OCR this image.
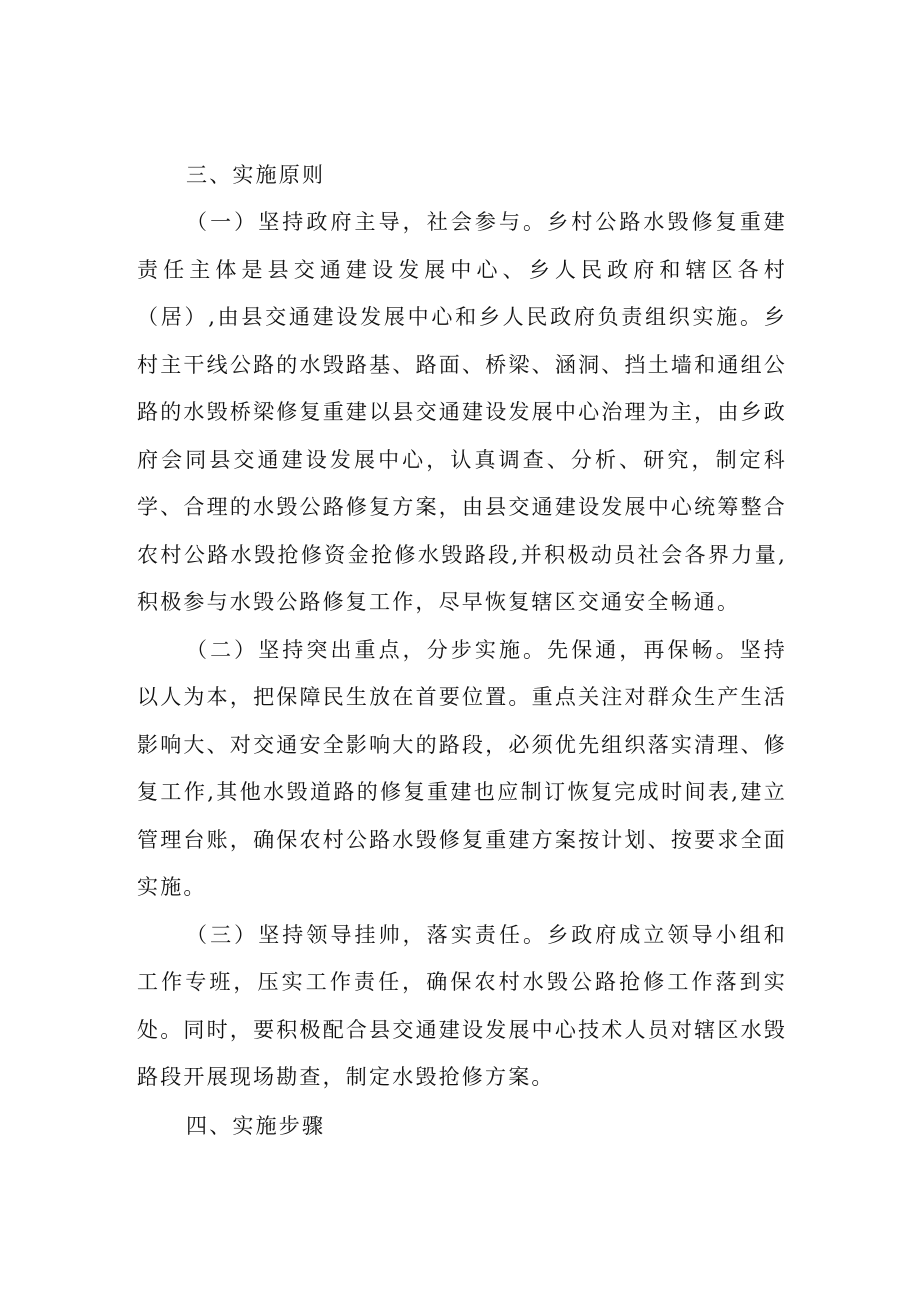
三、实施原则

（一）坚持政府主导，社会参与。乡村公路水毁修复重建责任主体是县交通建设发展中心、乡人民政府和辖区各村（居）,由县交通建设发展中心和乡人民政府负责组织实施。乡村主干线公路的水毁路基、路面、桥梁、涵洞、挡土墙和通组公路的水毁桥梁修复重建以县交通建设发展中心治理为主，由乡政府会同县交通建设发展中心，认真调查、分析、研究，制定科学、合理的水毁公路修复方案，由县交通建设发展中心统筹整合农村公路水毁抢修资金抢修水毁路段,并积极动员社会各界力量,积极参与水毁公路修复工作，尽早恢复辖区交通安全畅通。

（二）坚持突出重点，分步实施。先保通，再保畅。坚持以人为本，把保障民生放在首要位置。重点关注对群众生产生活影响大、对交通安全影响大的路段，必须优先组织落实清理、修复工作,其他水毁道路的修复重建也应制订恢复完成时间表,建立管理台账，确保农村公路水毁修复重建方案按计划、按要求全面实施。

（三）坚持领导挂帅，落实责任。乡政府成立领导小组和工作专班，压实工作责任，确保农村水毁公路抢修工作落到实处。同时，要积极配合县交通建设发展中心技术人员对辖区水毁路段开展现场勘查，制定水毁抢修方案。

四、实施步骤
